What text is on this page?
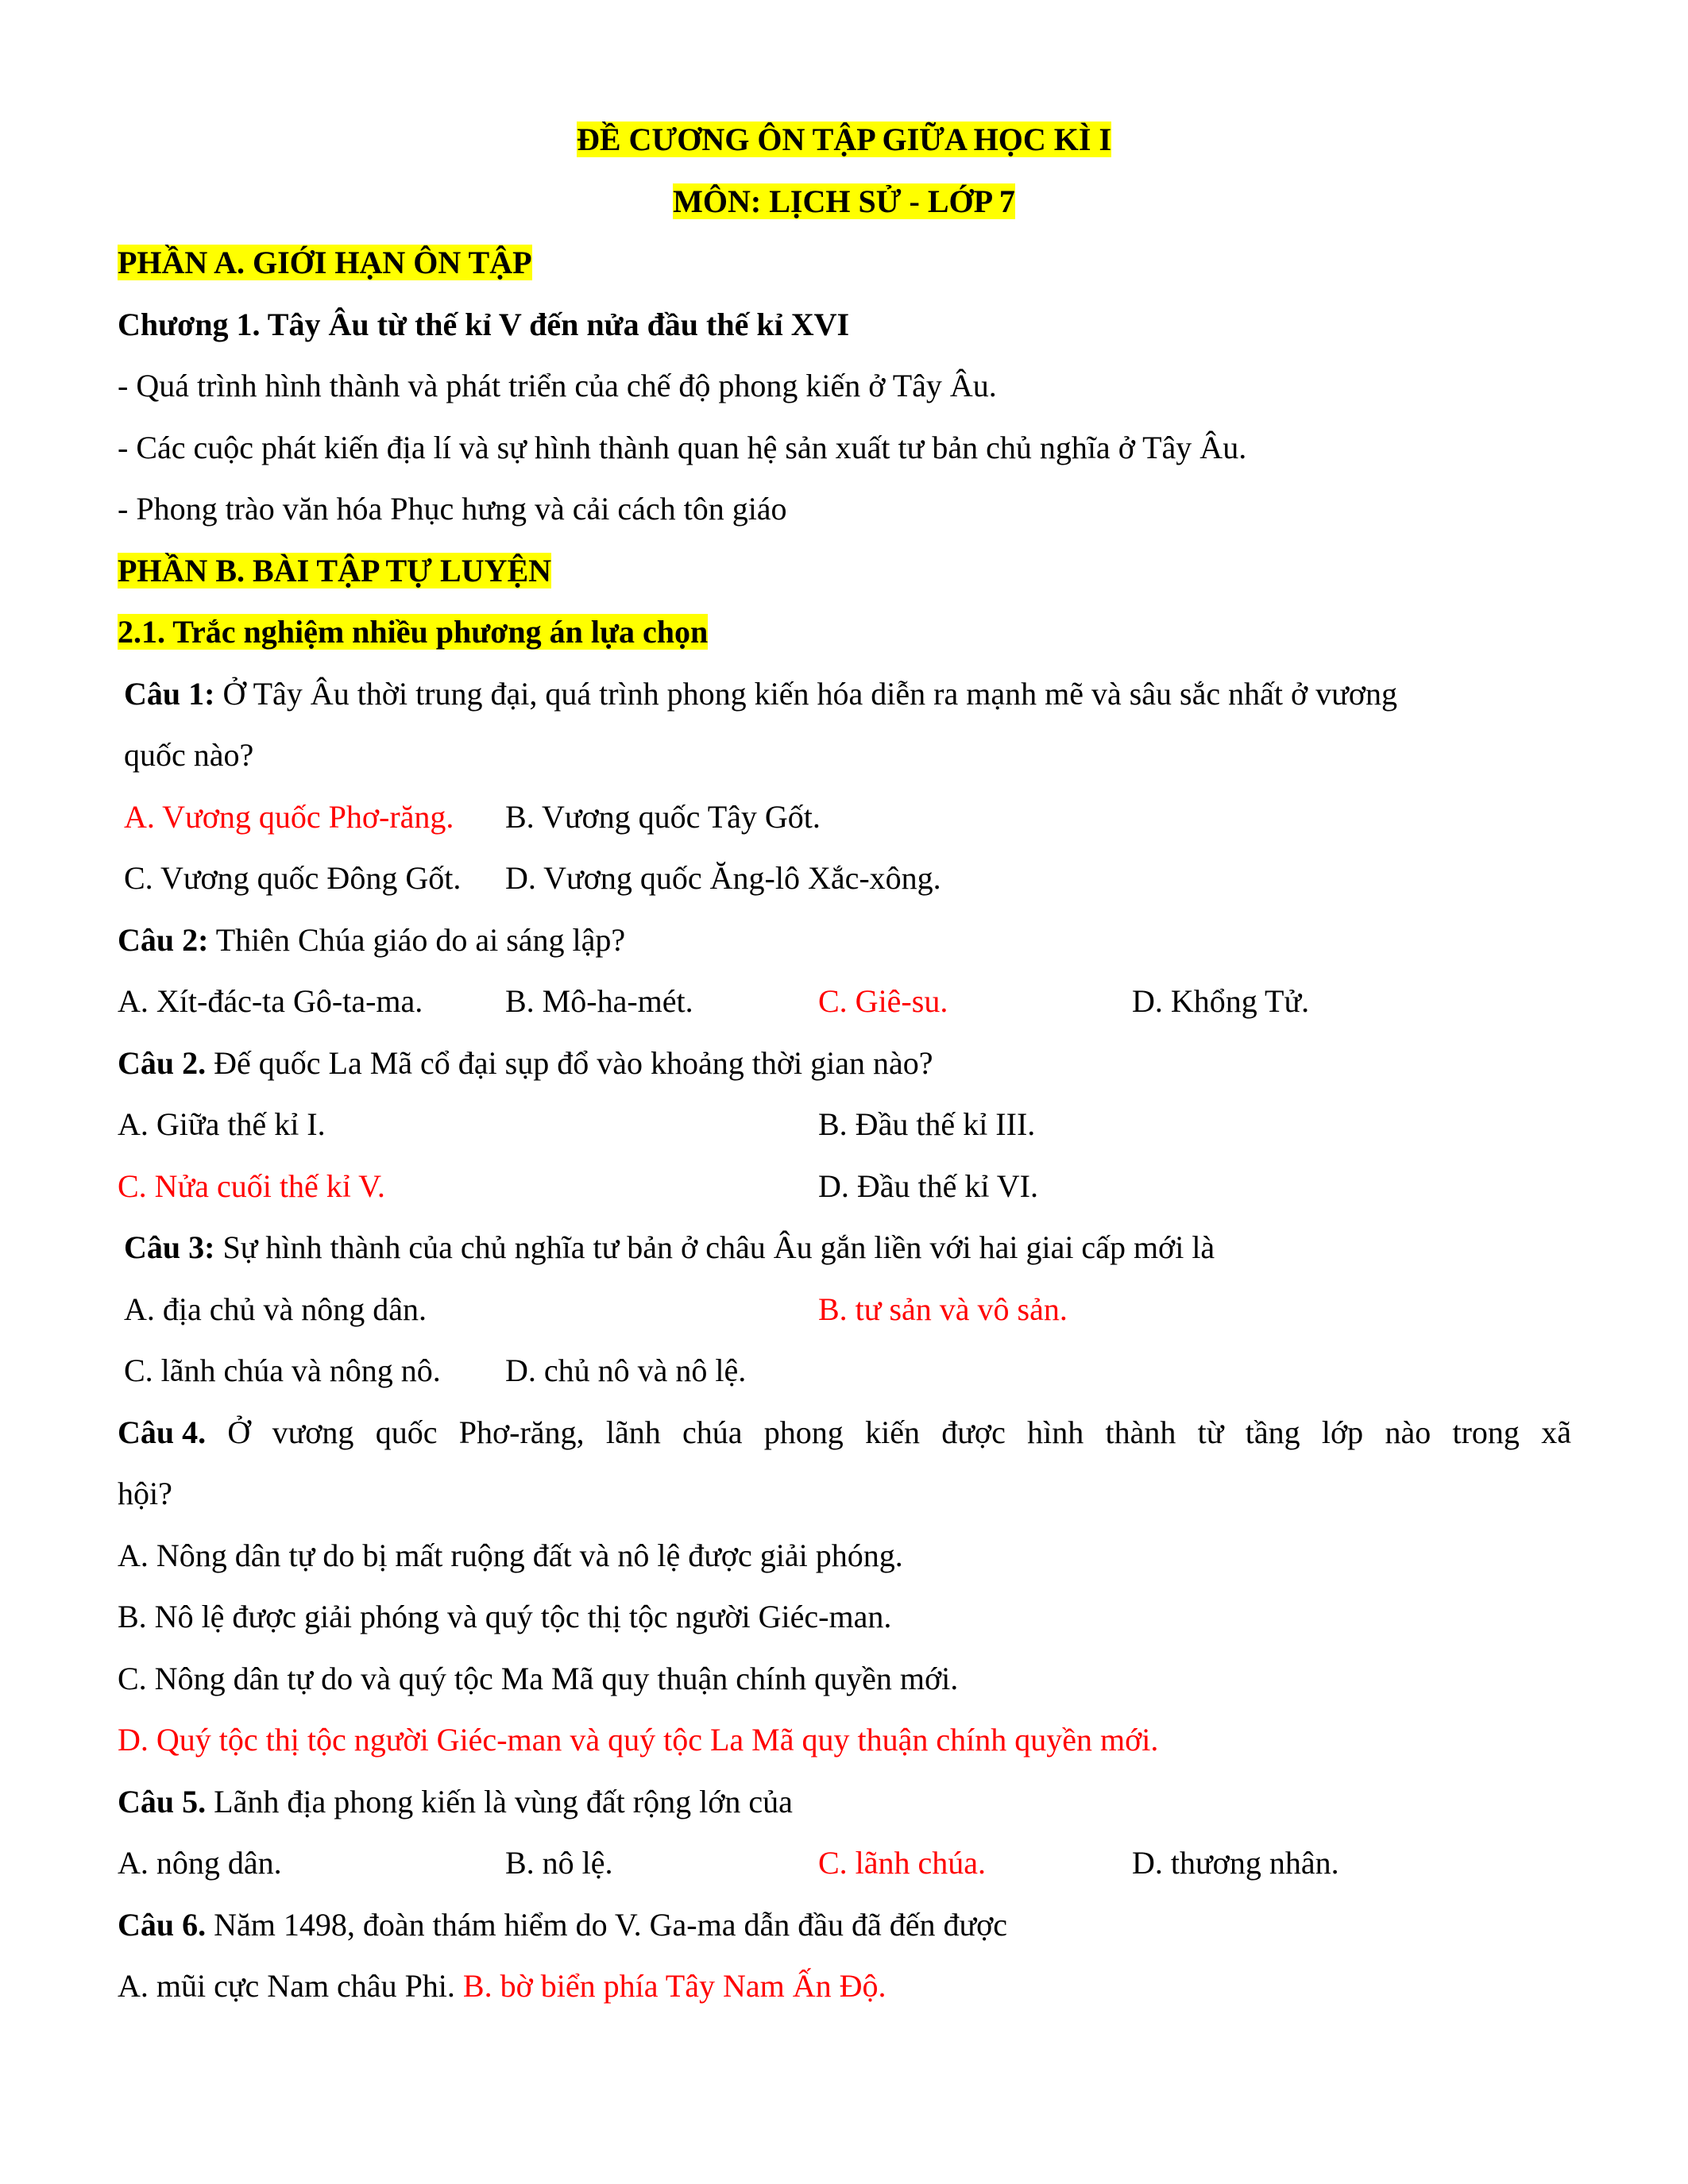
ĐỀ CƯƠNG ÔN TẬP GIỮA HỌC KÌ I
MÔN: LỊCH SỬ - LỚP 7
PHẦN A. GIỚI HẠN ÔN TẬP
Chương 1. Tây Âu từ thế kỉ V đến nửa đầu thế kỉ XVI
- Quá trình hình thành và phát triển của chế độ phong kiến ở Tây Âu.
- Các cuộc phát kiến địa lí và sự hình thành quan hệ sản xuất tư bản chủ nghĩa ở Tây Âu.
- Phong trào văn hóa Phục hưng và cải cách tôn giáo
PHẦN B. BÀI TẬP TỰ LUYỆN
2.1. Trắc nghiệm nhiều phương án lựa chọn
Câu 1: Ở Tây Âu thời trung đại, quá trình phong kiến hóa diễn ra mạnh mẽ và sâu sắc nhất ở vương
quốc nào?
A. Vương quốc Phơ-răng. B. Vương quốc Tây Gốt.
C. Vương quốc Đông Gốt. D. Vương quốc Ăng-lô Xắc-xông.
Câu 2: Thiên Chúa giáo do ai sáng lập?
A. Xít-đác-ta Gô-ta-ma.	B. Mô-ha-mét.	C. Giê-su.	D. Khổng Tử.
Câu 2. Đế quốc La Mã cổ đại sụp đổ vào khoảng thời gian nào?
A. Giữa thế kỉ I.	B. Đầu thế kỉ III.
C. Nửa cuối thế kỉ V.	D. Đầu thế kỉ VI.
Câu 3: Sự hình thành của chủ nghĩa tư bản ở châu Âu gắn liền với hai giai cấp mới là
A. địa chủ và nông dân.	B. tư sản và vô sản.
C. lãnh chúa và nông nô. D. chủ nô và nô lệ.
Câu 4. Ở vương quốc Phơ-răng, lãnh chúa phong kiến được hình thành từ tầng lớp nào trong xã
hội?
A. Nông dân tự do bị mất ruộng đất và nô lệ được giải phóng.
B. Nô lệ được giải phóng và quý tộc thị tộc người Giéc-man.
C. Nông dân tự do và quý tộc Ma Mã quy thuận chính quyền mới.
D. Quý tộc thị tộc người Giéc-man và quý tộc La Mã quy thuận chính quyền mới.
Câu 5. Lãnh địa phong kiến là vùng đất rộng lớn của
A. nông dân.	B. nô lệ.	C. lãnh chúa.	D. thương nhân.
Câu 6. Năm 1498, đoàn thám hiểm do V. Ga-ma dẫn đầu đã đến được
A. mũi cực Nam châu Phi. B. bờ biển phía Tây Nam Ấn Độ.
